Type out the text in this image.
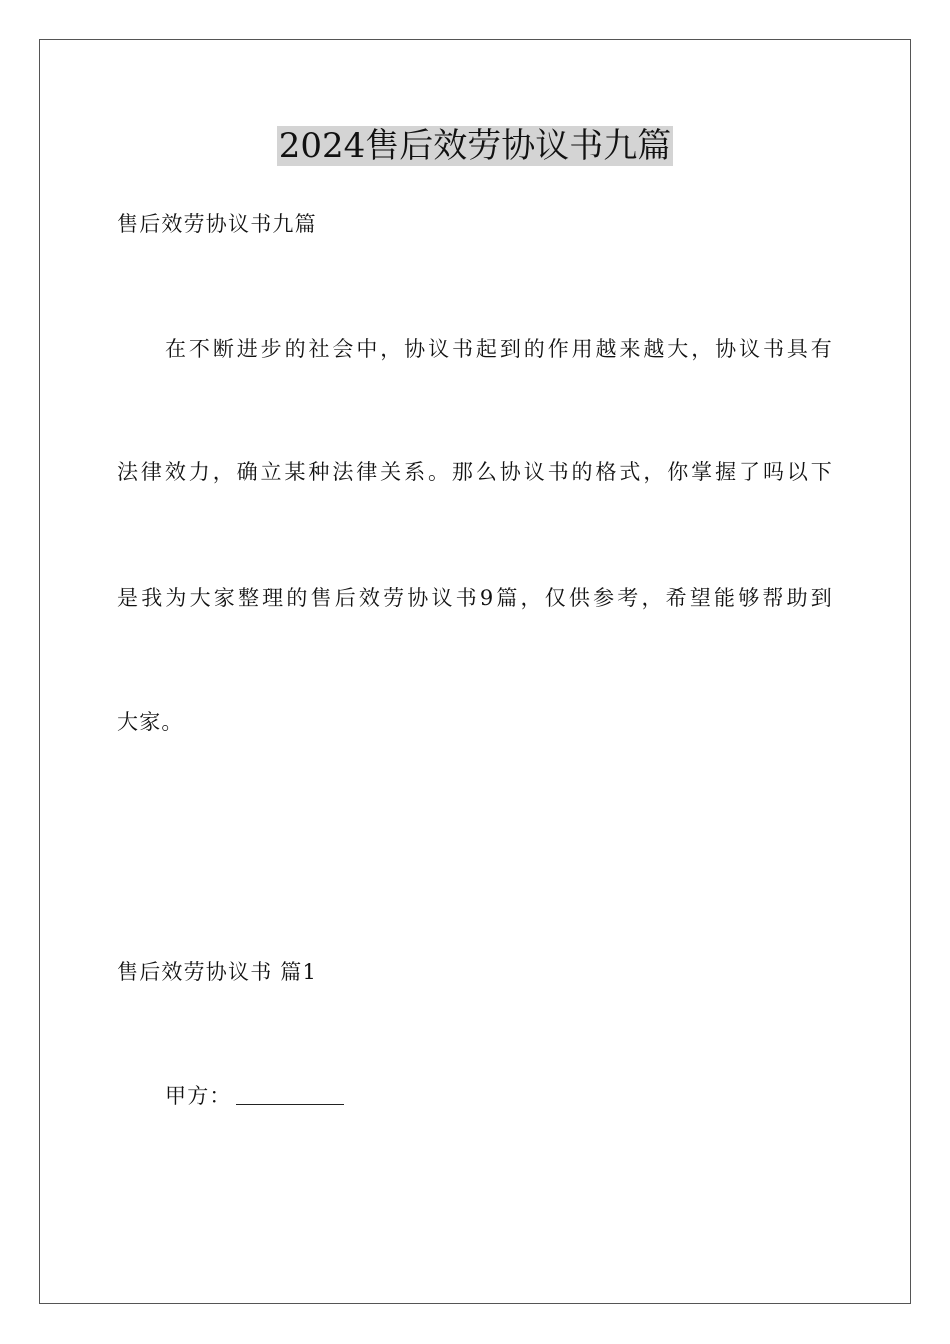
2024售后效劳协议书九篇

售后效劳协议书九篇

在不断进步的社会中，协议书起到的作用越来越大，协议书具有

法律效力，确立某种法律关系。那么协议书的格式，你掌握了吗以下

是我为大家整理的售后效劳协议书9篇，仅供参考，希望能够帮助到

大家。

售后效劳协议书 篇1

甲方：
